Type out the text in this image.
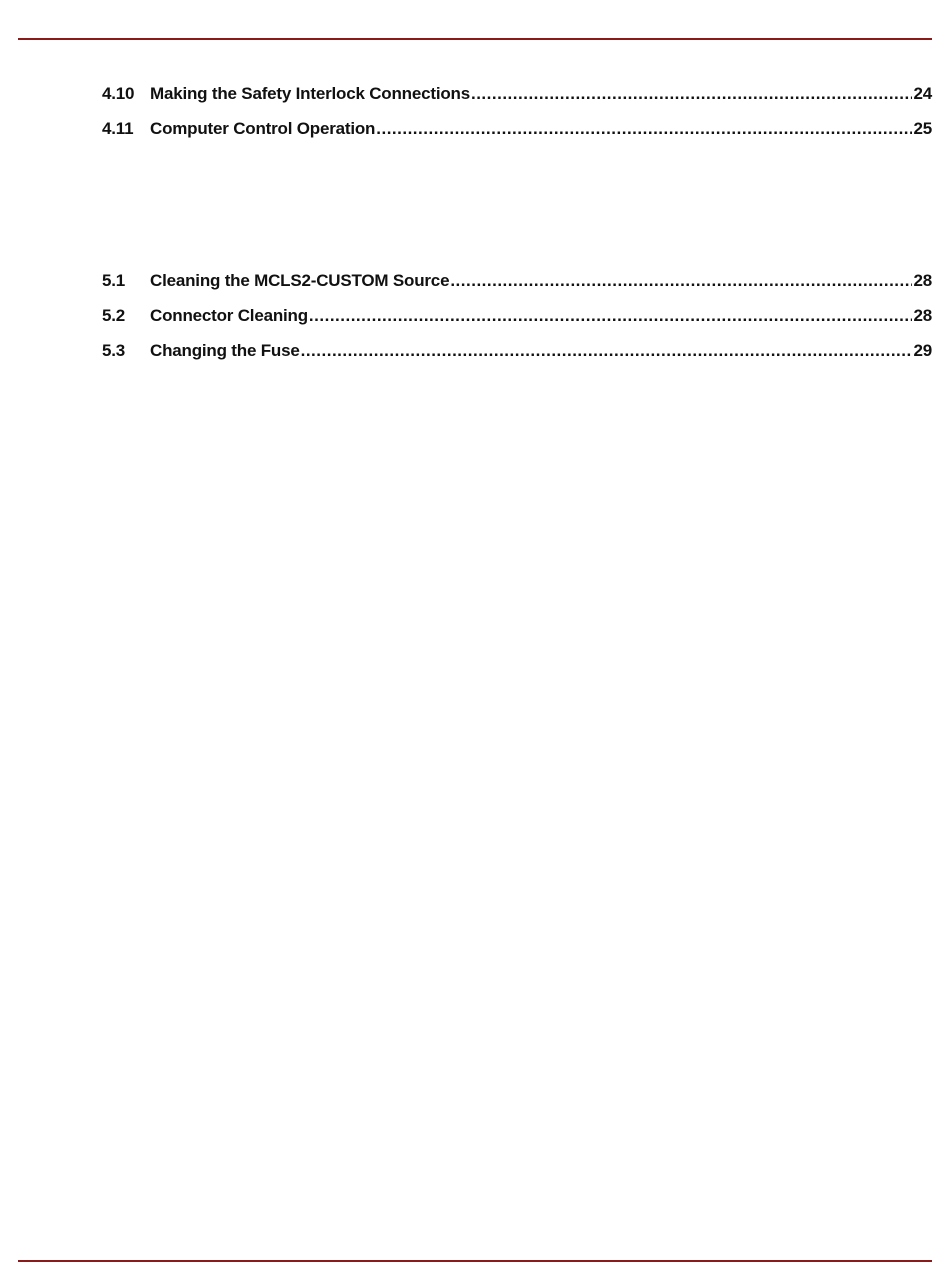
4.10 Making the Safety Interlock Connections .....	24
4.11 Computer Control Operation .....	25
5.1	Cleaning the MCLS2-CUSTOM Source .....	28
5.2	Connector Cleaning .....	28
5.3	Changing the Fuse .....	29
